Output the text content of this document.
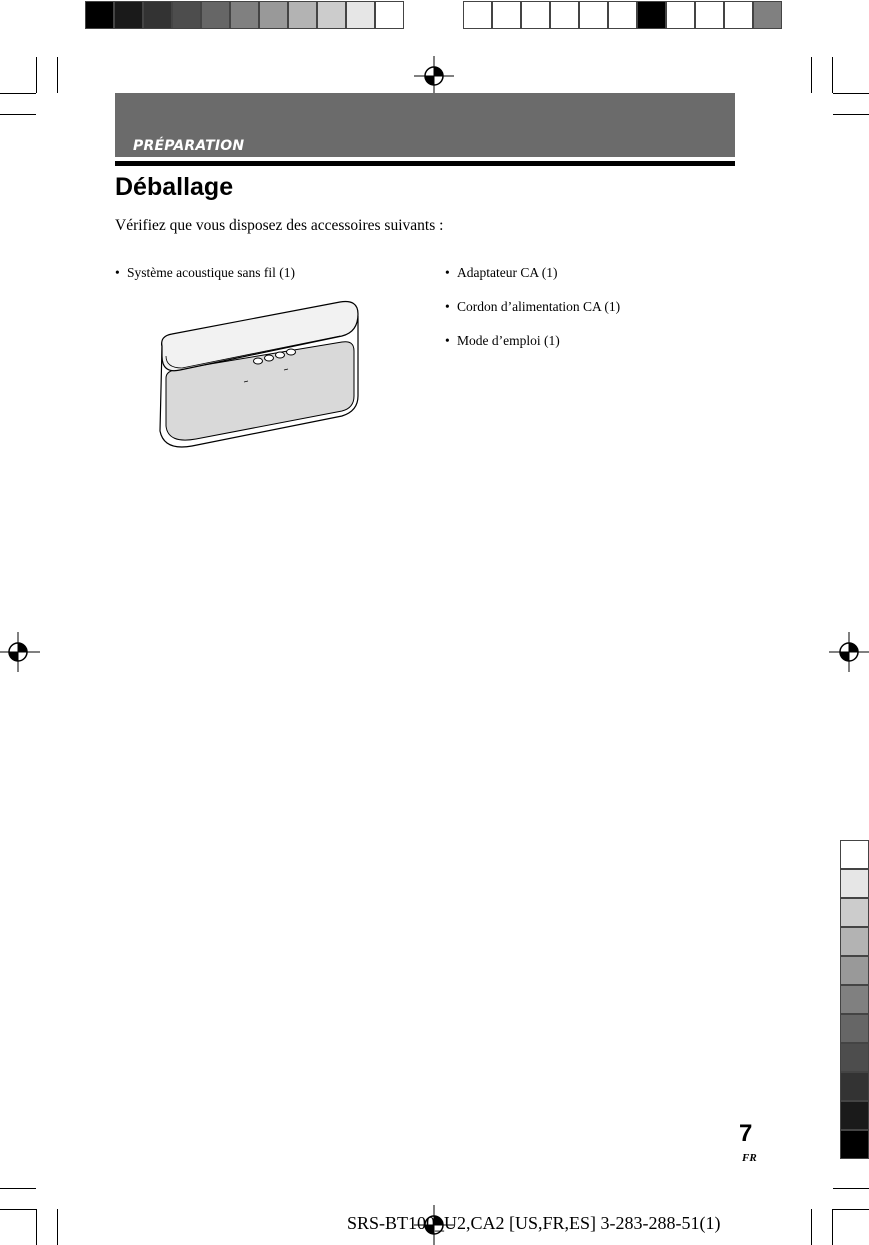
PRÉPARATION
Déballage
Vérifiez que vous disposez des accessoires suivants :
• Système acoustique sans fil (1)	• Adaptateur CA (1)
• Cordon d’alimentation CA (1)
• Mode d’emploi (1)
7
FR
SRS-BT100_U2,CA2 [US,FR,ES] 3-283-288-51(1)
